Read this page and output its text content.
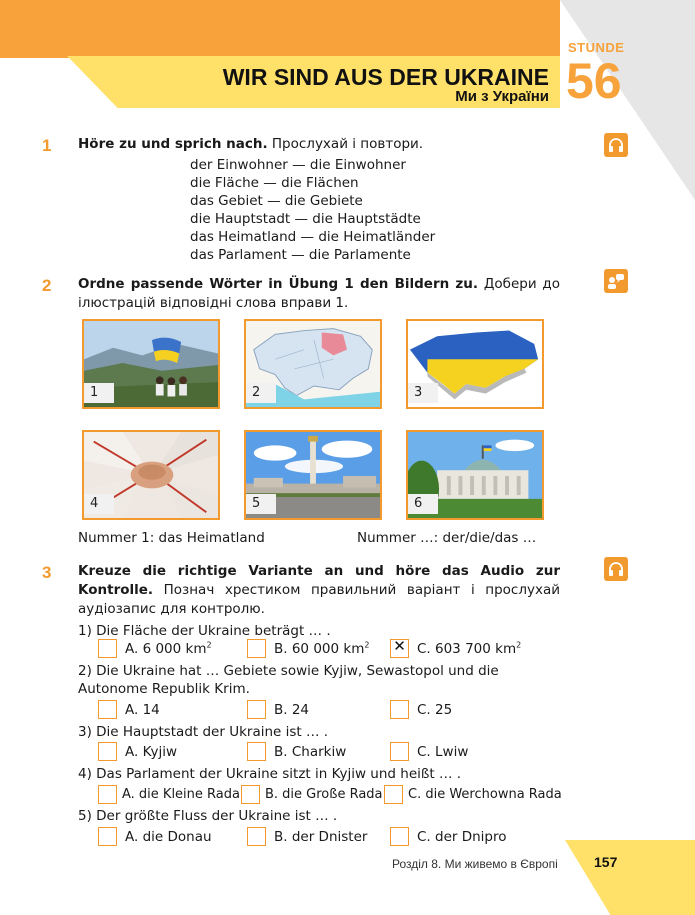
STUNDE
56
WIR SIND AUS DER UKRAINE
Ми з України
1 Höre zu und sprich nach. Прослухай і повтори.
der Einwohner — die Einwohner
die Fläche — die Flächen
das Gebiet — die Gebiete
die Hauptstadt — die Hauptstädte
das Heimatland — die Heimatländer
das Parlament — die Parlamente
2 Ordne passende Wörter in Übung 1 den Bildern zu. Добери до ілюстрацій відповідні слова вправи 1.
1	2	3
4	5	6
Nummer 1: das Heimatland	Nummer …: der/die/das …
3 Kreuze die richtige Variante an und höre das Audio zur Kontrolle. Познач хрестиком правильний варіант і прослухай аудіозапис для контролю.
1) Die Fläche der Ukraine beträgt … .
A. 6 000 $km^2$	B. 60 000 $km^2$ ✕ C. 603 700 $km^2$
2) Die Ukraine hat … Gebiete sowie Kyjiw, Sewastopol und die Autonome Republik Krim.
A. 14	B. 24	C. 25
3) Die Hauptstadt der Ukraine ist … .
A. Kyjiw	B. Charkiw	C. Lwiw
4) Das Parlament der Ukraine sitzt in Kyjiw und heißt … .
A. die Kleine Rada B. die Große Rada C. die Werchowna Rada
5) Der größte Fluss der Ukraine ist … .
A. die Donau	B. der Dnister	C. der Dnipro
Розділ 8. Ми живемо в Європі	157
